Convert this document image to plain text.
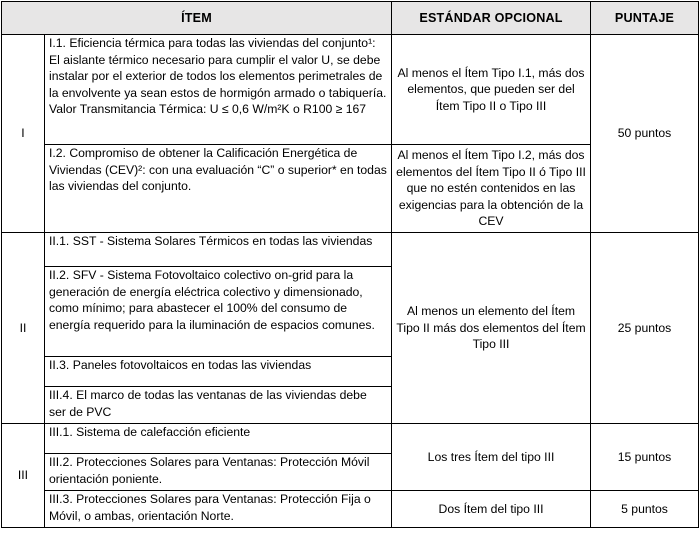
ÍTEM		ESTÁNDAR OPCIONAL	PUNTAJE
I	I.1. Eficiencia térmica para todas las viviendas del conjunto¹: El aislante térmico necesario para cumplir el valor U, se debe instalar por el exterior de todos los elementos perimetrales de la envolvente ya sean estos de hormigón armado o tabiquería. Valor Transmitancia Térmica: U ≤ 0,6 W/m²K o R100 ≥ 167	Al menos el Ítem Tipo I.1, más dos elementos, que pueden ser del Ítem Tipo II o Tipo III	50 puntos
	I.2. Compromiso de obtener la Calificación Energética de Viviendas (CEV)²: con una evaluación “C” o superior* en todas las viviendas del conjunto.	Al menos el Ítem Tipo I.2, más dos elementos del Ítem Tipo II ó Tipo III que no estén contenidos en las exigencias para la obtención de la CEV	
II	II.1. SST - Sistema Solares Térmicos en todas las viviendas	Al menos un elemento del Ítem Tipo II más dos elementos del Ítem Tipo III	25 puntos
	II.2. SFV - Sistema Fotovoltaico colectivo on-grid para la generación de energía eléctrica colectivo y dimensionado, como mínimo; para abastecer el 100% del consumo de energía requerido para la iluminación de espacios comunes.		
	II.3. Paneles fotovoltaicos en todas las viviendas		
	III.4. El marco de todas las ventanas de las viviendas debe ser de PVC		
III	III.1. Sistema de calefacción eficiente	Los tres Ítem del tipo III	15 puntos
	III.2. Protecciones Solares para Ventanas: Protección Móvil orientación poniente.		
	III.3. Protecciones Solares para Ventanas: Protección Fija o Móvil, o ambas, orientación Norte.	Dos Ítem del tipo III	5 puntos
